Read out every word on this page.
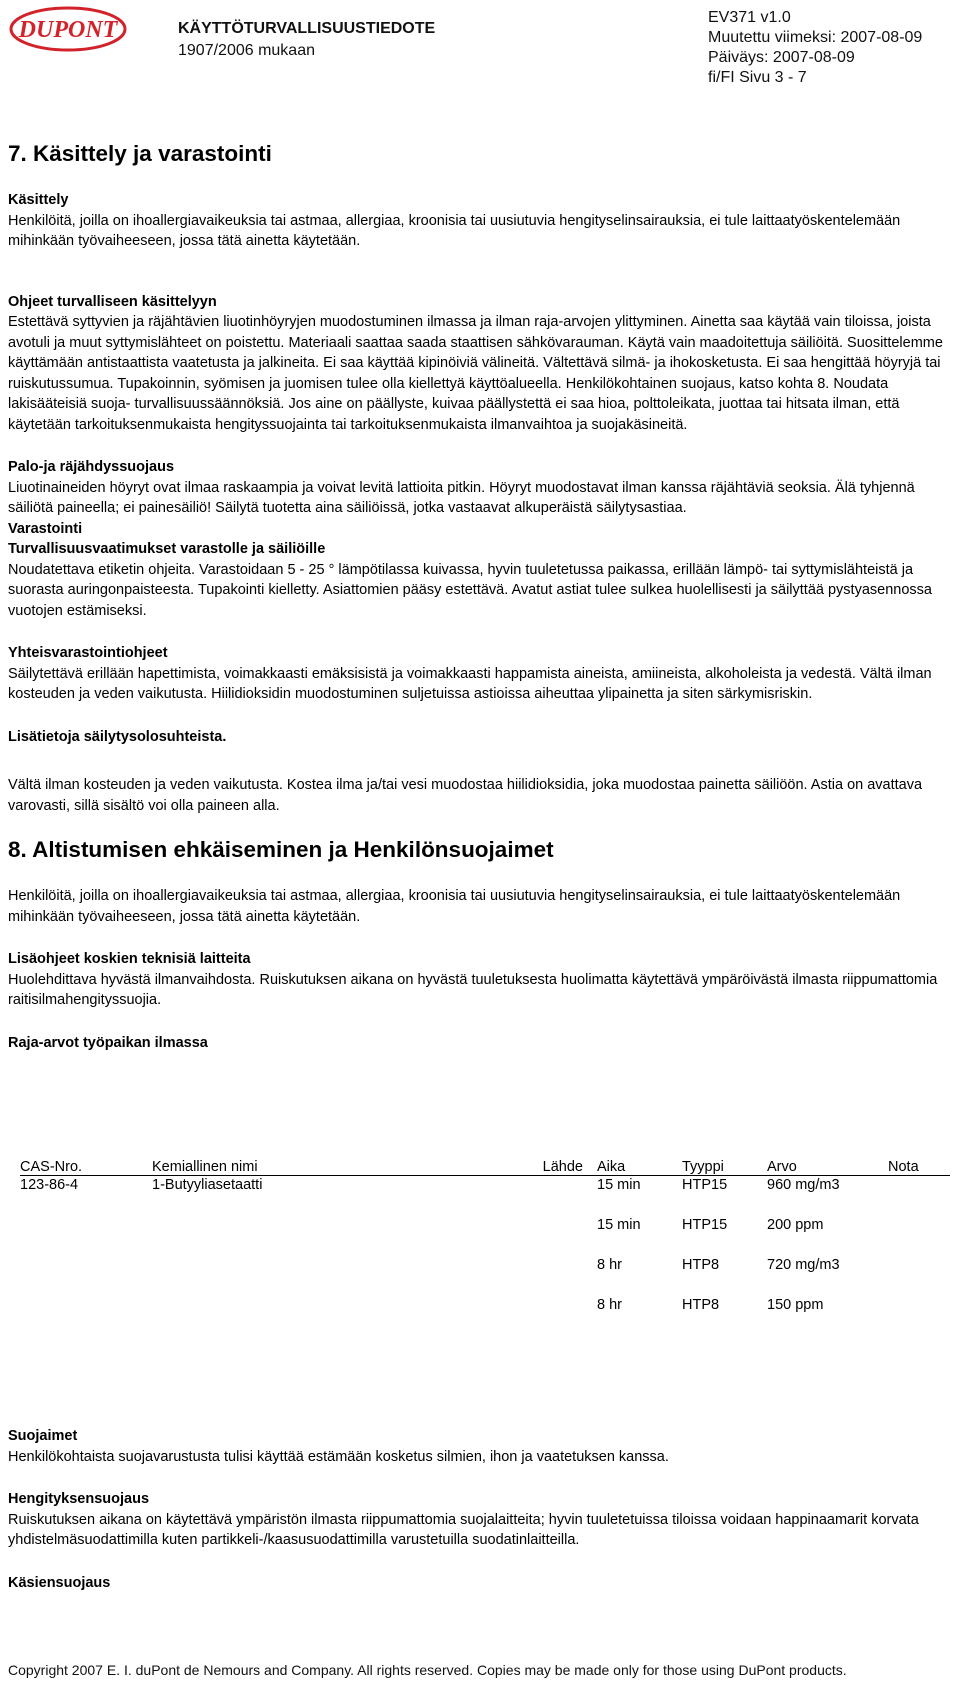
DUPONT	KÄYTTÖTURVALLISUUSTIEDOTE
1907/2006 mukaan
EV371 v1.0
Muutettu viimeksi: 2007-08-09
Päiväys: 2007-08-09
fi/FI Sivu 3 - 7
7. Käsittely ja varastointi

Käsittely

Henkilöitä, joilla on ihoallergiavaikeuksia tai astmaa, allergiaa, kroonisia tai uusiutuvia hengityselinsairauksia, ei tule laittaatyöskentelemään mihinkään työvaiheeseen, jossa tätä ainetta käytetään.

Ohjeet turvalliseen käsittelyyn

Estettävä syttyvien ja räjähtävien liuotinhöyryjen muodostuminen ilmassa ja ilman raja-arvojen ylittyminen. Ainetta saa käytää vain tiloissa, joista avotuli ja muut syttymislähteet on poistettu. Materiaali saattaa saada staattisen sähkövarauman. Käytä vain maadoitettuja säiliöitä. Suosittelemme käyttämään antistaattista vaatetusta ja jalkineita. Ei saa käyttää kipinöiviä välineitä. Vältettävä silmä- ja ihokosketusta. Ei saa hengittää höyryjä tai ruiskutussumua. Tupakoinnin, syömisen ja juomisen tulee olla kiellettyä käyttöalueella. Henkilökohtainen suojaus, katso kohta 8. Noudata lakisääteisiä suoja- turvallisuussäännöksiä. Jos aine on päällyste, kuivaa päällystettä ei saa hioa, polttoleikata, juottaa tai hitsata ilman, että käytetään tarkoituksenmukaista hengityssuojainta tai tarkoituksenmukaista ilmanvaihtoa ja suojakäsineitä.

Palo-ja räjähdyssuojaus

Liuotinaineiden höyryt ovat ilmaa raskaampia ja voivat levitä lattioita pitkin. Höyryt muodostavat ilman kanssa räjähtäviä seoksia. Älä tyhjennä säiliötä paineella; ei painesäiliö! Säilytä tuotetta aina säiliöissä, jotka vastaavat alkuperäistä säilytysastiaa.

Varastointi

Turvallisuusvaatimukset varastolle ja säiliöille

Noudatettava etiketin ohjeita. Varastoidaan 5 - 25 ° lämpötilassa kuivassa, hyvin tuuletetussa paikassa, erillään lämpö- tai syttymislähteistä ja suorasta auringonpaisteesta. Tupakointi kielletty. Asiattomien pääsy estettävä. Avatut astiat tulee sulkea huolellisesti ja säilyttää pystyasennossa vuotojen estämiseksi.

Yhteisvarastointiohjeet

Säilytettävä erillään hapettimista, voimakkaasti emäksisistä ja voimakkaasti happamista aineista, amiineista, alkoholeista ja vedestä. Vältä ilman kosteuden ja veden vaikutusta. Hiilidioksidin muodostuminen suljetuissa astioissa aiheuttaa ylipainetta ja siten särkymisriskin.

Lisätietoja säilytysolosuhteista.

Vältä ilman kosteuden ja veden vaikutusta. Kostea ilma ja/tai vesi muodostaa hiilidioksidia, joka muodostaa painetta säiliöön. Astia on avattava varovasti, sillä sisältö voi olla paineen alla.

8. Altistumisen ehkäiseminen ja Henkilönsuojaimet

Henkilöitä, joilla on ihoallergiavaikeuksia tai astmaa, allergiaa, kroonisia tai uusiutuvia hengityselinsairauksia, ei tule laittaatyöskentelemään mihinkään työvaiheeseen, jossa tätä ainetta käytetään.

Lisäohjeet koskien teknisiä laitteita

Huolehdittava hyvästä ilmanvaihdosta. Ruiskutuksen aikana on hyvästä tuuletuksesta huolimatta käytettävä ympäröivästä ilmasta riippumattomia raitisilmahengityssuojia.

Raja-arvot työpaikan ilmassa

CAS-Nro.	Kemiallinen nimi	Lähde	Aika	Tyyppi	Arvo	Nota
123-86-4	1-Butyyliasetaatti		15 min	HTP15	960 mg/m3	
			15 min	HTP15	200 ppm	
			8 hr	HTP8	720 mg/m3	
			8 hr	HTP8	150 ppm	

Suojaimet

Henkilökohtaista suojavarustusta tulisi käyttää estämään kosketus silmien, ihon ja vaatetuksen kanssa.

Hengityksensuojaus

Ruiskutuksen aikana on käytettävä ympäristön ilmasta riippumattomia suojalaitteita; hyvin tuuletetuissa tiloissa voidaan happinaamarit korvata yhdistelmäsuodattimilla kuten partikkeli-/kaasusuodattimilla varustetuilla suodatinlaitteilla.

Käsiensuojaus

Copyright 2007 E. I. duPont de Nemours and Company. All rights reserved. Copies may be made only for those using DuPont products.
